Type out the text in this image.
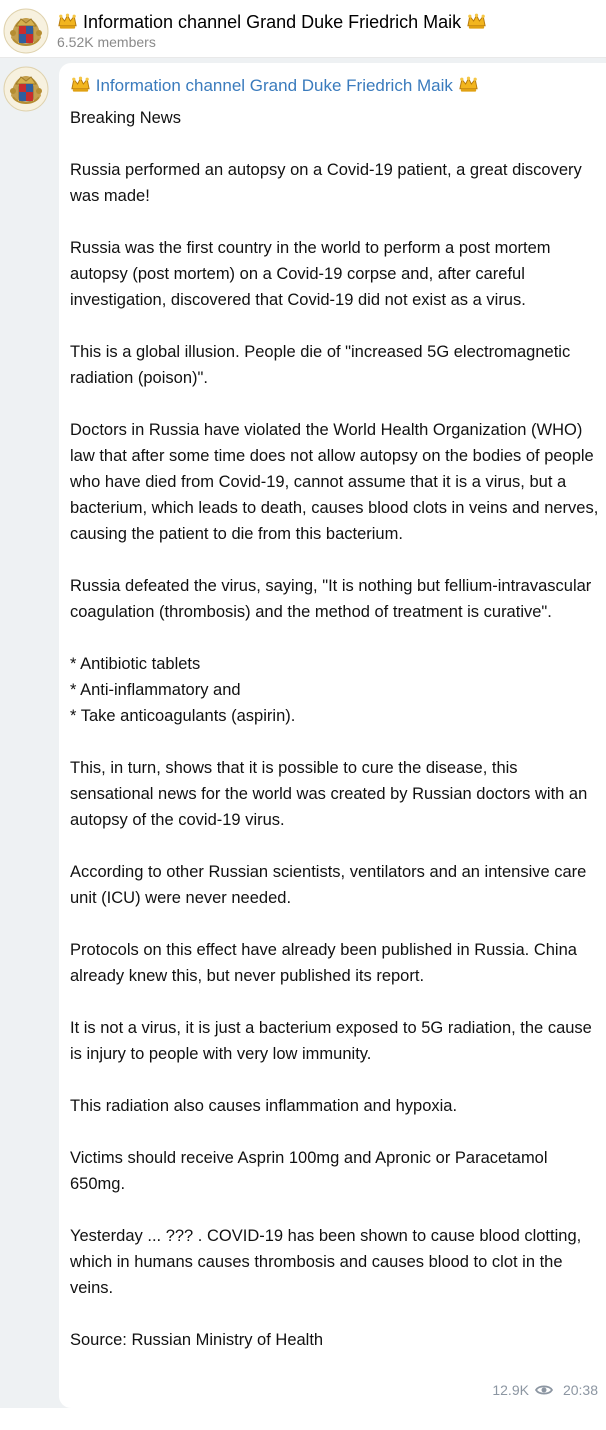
Information channel Grand Duke Friedrich Maik
6.52K members
Information channel Grand Duke Friedrich Maik

Breaking News

Russia performed an autopsy on a Covid-19 patient, a great discovery was made!

Russia was the first country in the world to perform a post mortem autopsy (post mortem) on a Covid-19 corpse and, after careful investigation, discovered that Covid-19 did not exist as a virus.

This is a global illusion. People die of "increased 5G electromagnetic radiation (poison)".

Doctors in Russia have violated the World Health Organization (WHO) law that after some time does not allow autopsy on the bodies of people who have died from Covid-19, cannot assume that it is a virus, but a bacterium, which leads to death, causes blood clots in veins and nerves, causing the patient to die from this bacterium.

Russia defeated the virus, saying, "It is nothing but fellium-intravascular coagulation (thrombosis) and the method of treatment is curative".

* Antibiotic tablets

* Anti-inflammatory and

* Take anticoagulants (aspirin).

This, in turn, shows that it is possible to cure the disease, this sensational news for the world was created by Russian doctors with an autopsy of the covid-19 virus.

According to other Russian scientists, ventilators and an intensive care unit (ICU) were never needed.

Protocols on this effect have already been published in Russia. China already knew this, but never published its report.

It is not a virus, it is just a bacterium exposed to 5G radiation, the cause is injury to people with very low immunity.

This radiation also causes inflammation and hypoxia.

Victims should receive Asprin 100mg and Apronic or Paracetamol 650mg.

Yesterday ... ??? . COVID-19 has been shown to cause blood clotting, which in humans causes thrombosis and causes blood to clot in the veins.

Source: Russian Ministry of Health

12.9K 20:38
